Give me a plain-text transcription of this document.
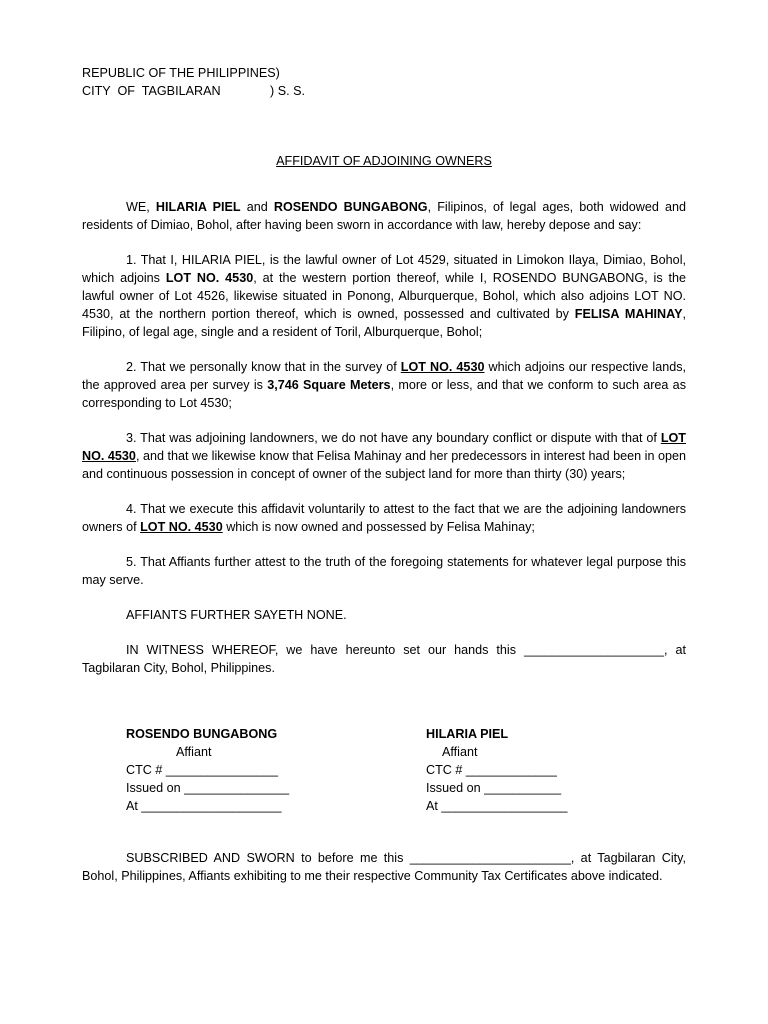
REPUBLIC OF THE PHILIPPINES)
CITY  OF  TAGBILARAN	) S. S.
AFFIDAVIT OF ADJOINING OWNERS

WE, HILARIA PIEL and ROSENDO BUNGABONG, Filipinos, of legal ages, both widowed and residents of Dimiao, Bohol, after having been sworn in accordance with law, hereby depose and say:

1. That I, HILARIA PIEL, is the lawful owner of Lot 4529, situated in Limokon Ilaya, Dimiao, Bohol, which adjoins LOT NO. 4530, at the western portion thereof, while I, ROSENDO BUNGABONG, is the lawful owner of Lot 4526, likewise situated in Ponong, Alburquerque, Bohol, which also adjoins LOT NO. 4530, at the northern portion thereof, which is owned, possessed and cultivated by FELISA MAHINAY, Filipino, of legal age, single and a resident of Toril, Alburquerque, Bohol;

2. That we personally know that in the survey of LOT NO. 4530 which adjoins our respective lands, the approved area per survey is 3,746 Square Meters, more or less, and that we conform to such area as corresponding to Lot 4530;

3. That was adjoining landowners, we do not have any boundary conflict or dispute with that of LOT NO. 4530, and that we likewise know that Felisa Mahinay and her predecessors in interest had been in open and continuous possession in concept of owner of the subject land for more than thirty (30) years;

4. That we execute this affidavit voluntarily to attest to the fact that we are the adjoining landowners owners of LOT NO. 4530 which is now owned and possessed by Felisa Mahinay;

5. That Affiants further attest to the truth of the foregoing statements for whatever legal purpose this may serve.

AFFIANTS FURTHER SAYETH NONE.

IN WITNESS WHEREOF, we have hereunto set our hands this ____________________, at Tagbilaran City, Bohol, Philippines.

ROSENDO BUNGABONG
Affiant
CTC # ________________
Issued on _______________
At ____________________
HILARIA PIEL
Affiant
CTC # _____________
Issued on ___________
At __________________

SUBSCRIBED AND SWORN to before me this _______________________, at Tagbilaran City, Bohol, Philippines, Affiants exhibiting to me their respective Community Tax Certificates above indicated.
